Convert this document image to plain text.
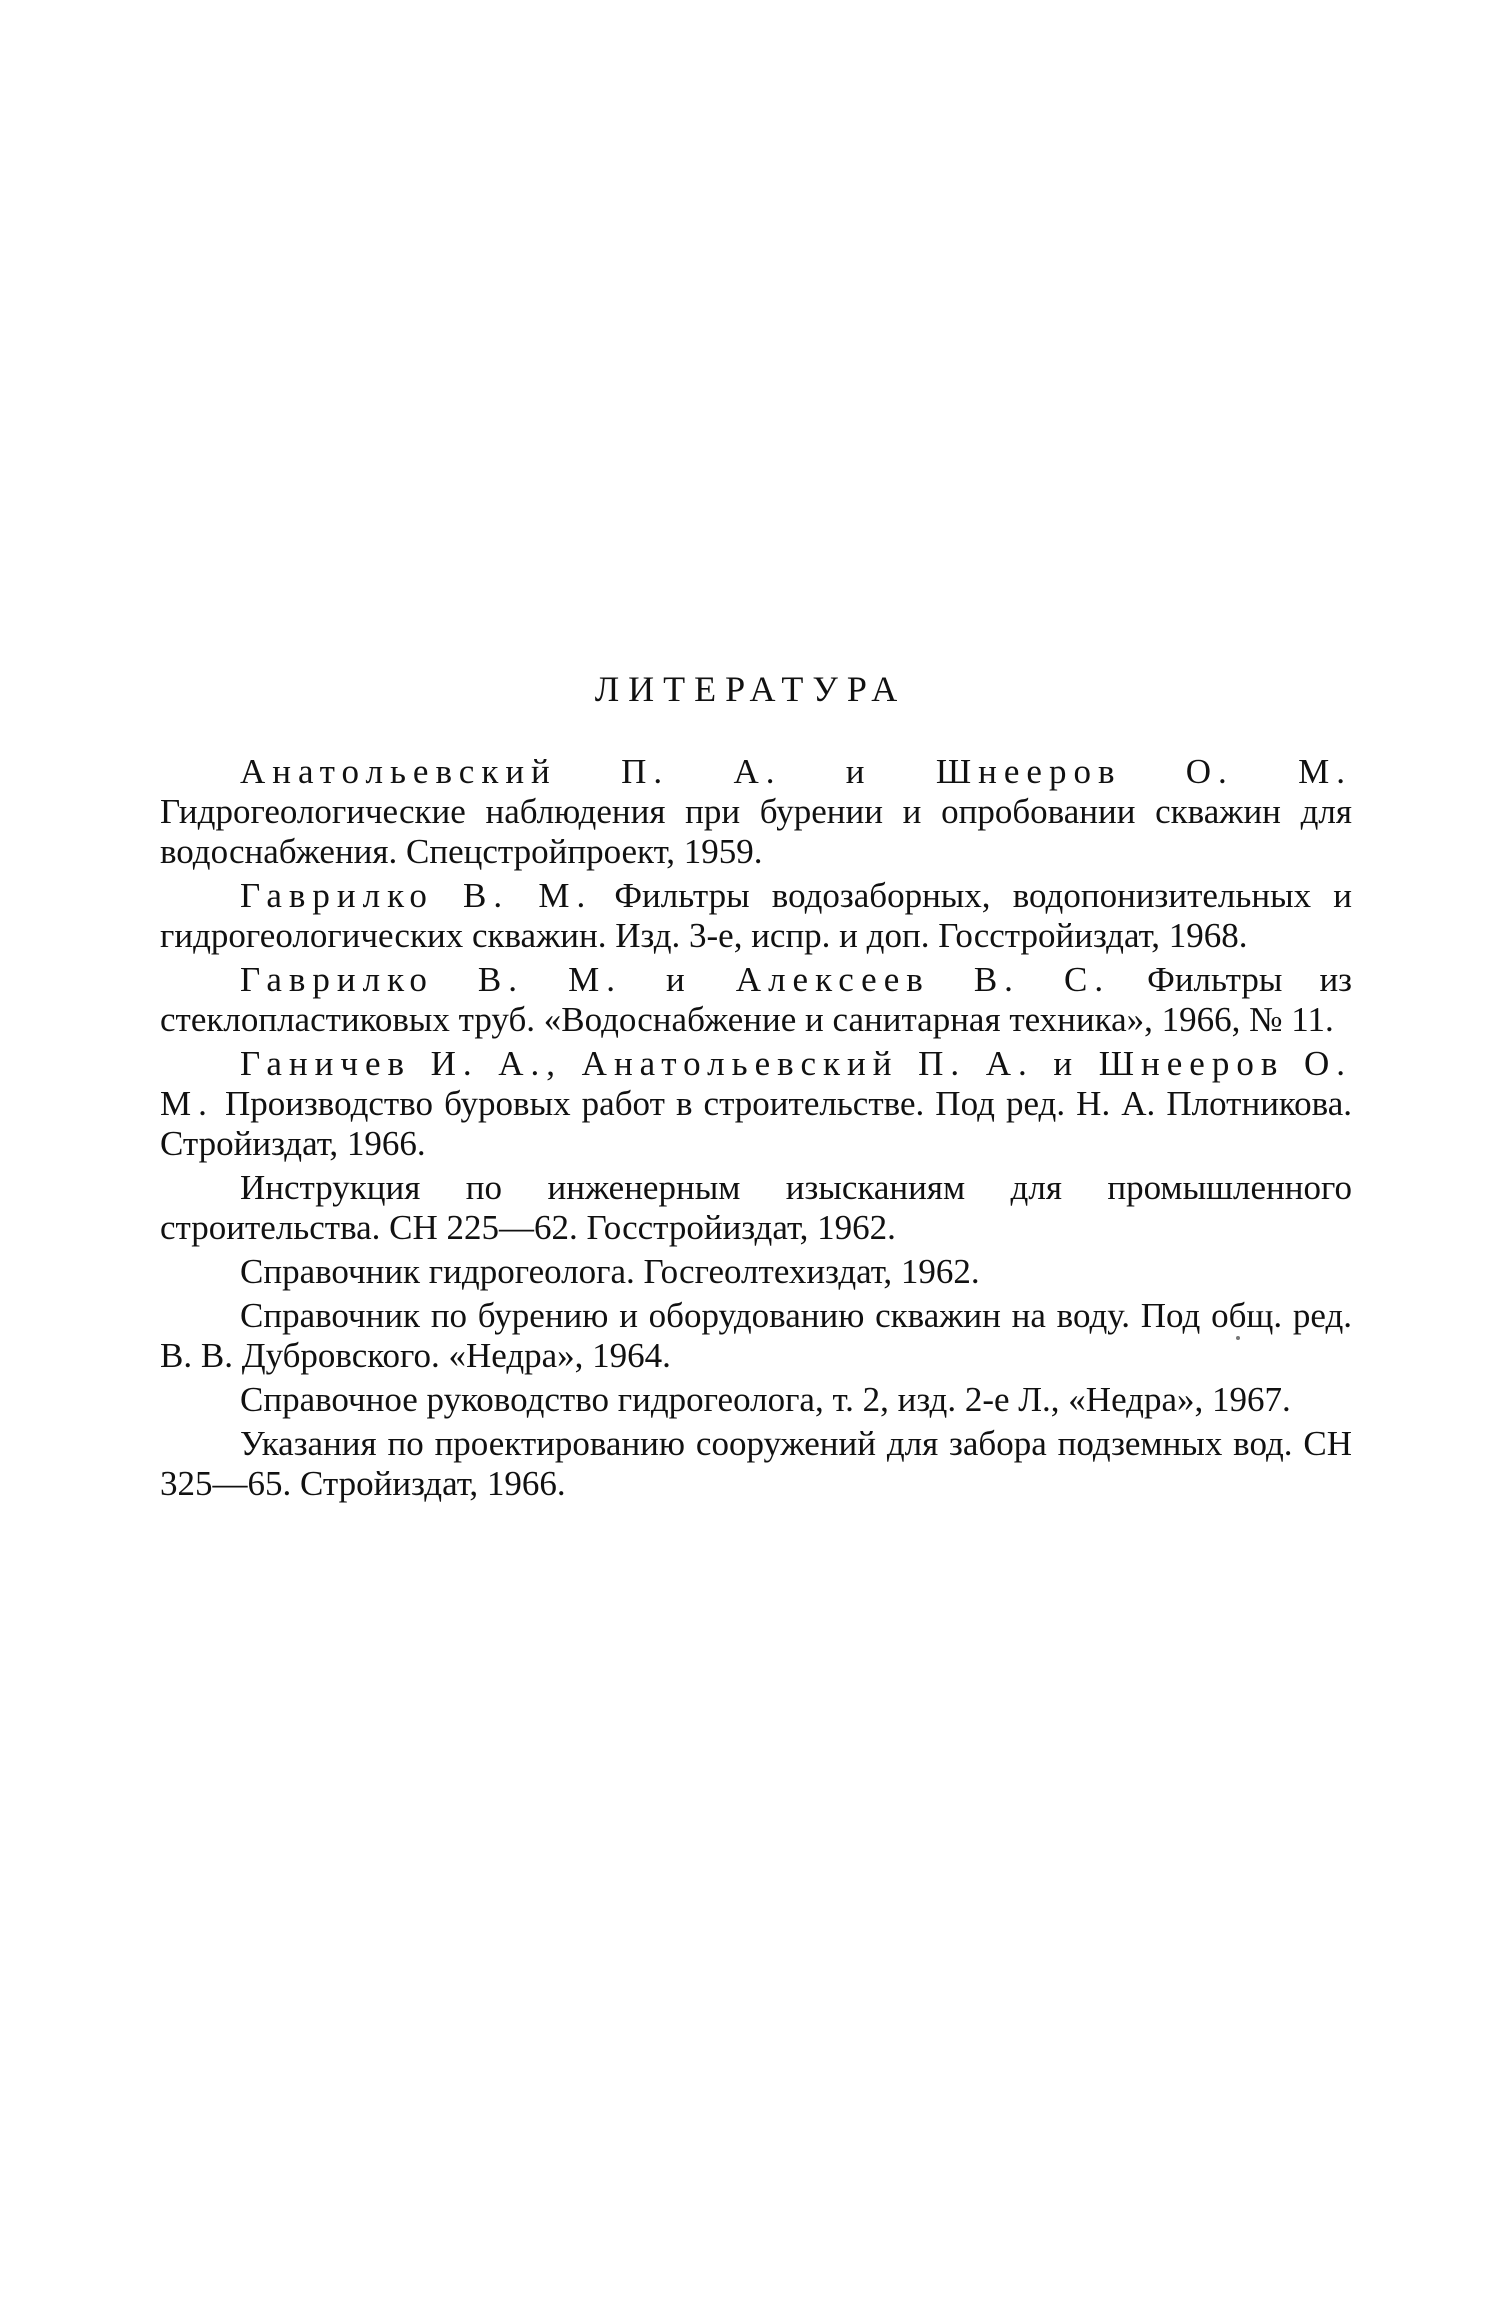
ЛИТЕРАТУРА
Анатольевский П. А. и Шнееров О. М. Гидрогеологические наблюдения при бурении и опробовании скважин для водоснабжения. Спецстройпроект, 1959.
Гаврилко В. М. Фильтры водозаборных, водопонизительных и гидрогеологических скважин. Изд. 3-е, испр. и доп. Госстройиздат, 1968.
Гаврилко В. М. и Алексеев В. С. Фильтры из стеклопластиковых труб. «Водоснабжение и санитарная техника», 1966, № 11.
Ганичев И. А., Анатольевский П. А. и Шнееров О. М. Производство буровых работ в строительстве. Под ред. Н. А. Плотникова. Стройиздат, 1966.
Инструкция по инженерным изысканиям для промышленного строительства. СН 225—62. Госстройиздат, 1962.
Справочник гидрогеолога. Госгеолтехиздат, 1962.
Справочник по бурению и оборудованию скважин на воду. Под общ. ред. В. В. Дубровского. «Недра», 1964.
Справочное руководство гидрогеолога, т. 2, изд. 2-е Л., «Недра», 1967.
Указания по проектированию сооружений для забора подземных вод. СН 325—65. Стройиздат, 1966.
